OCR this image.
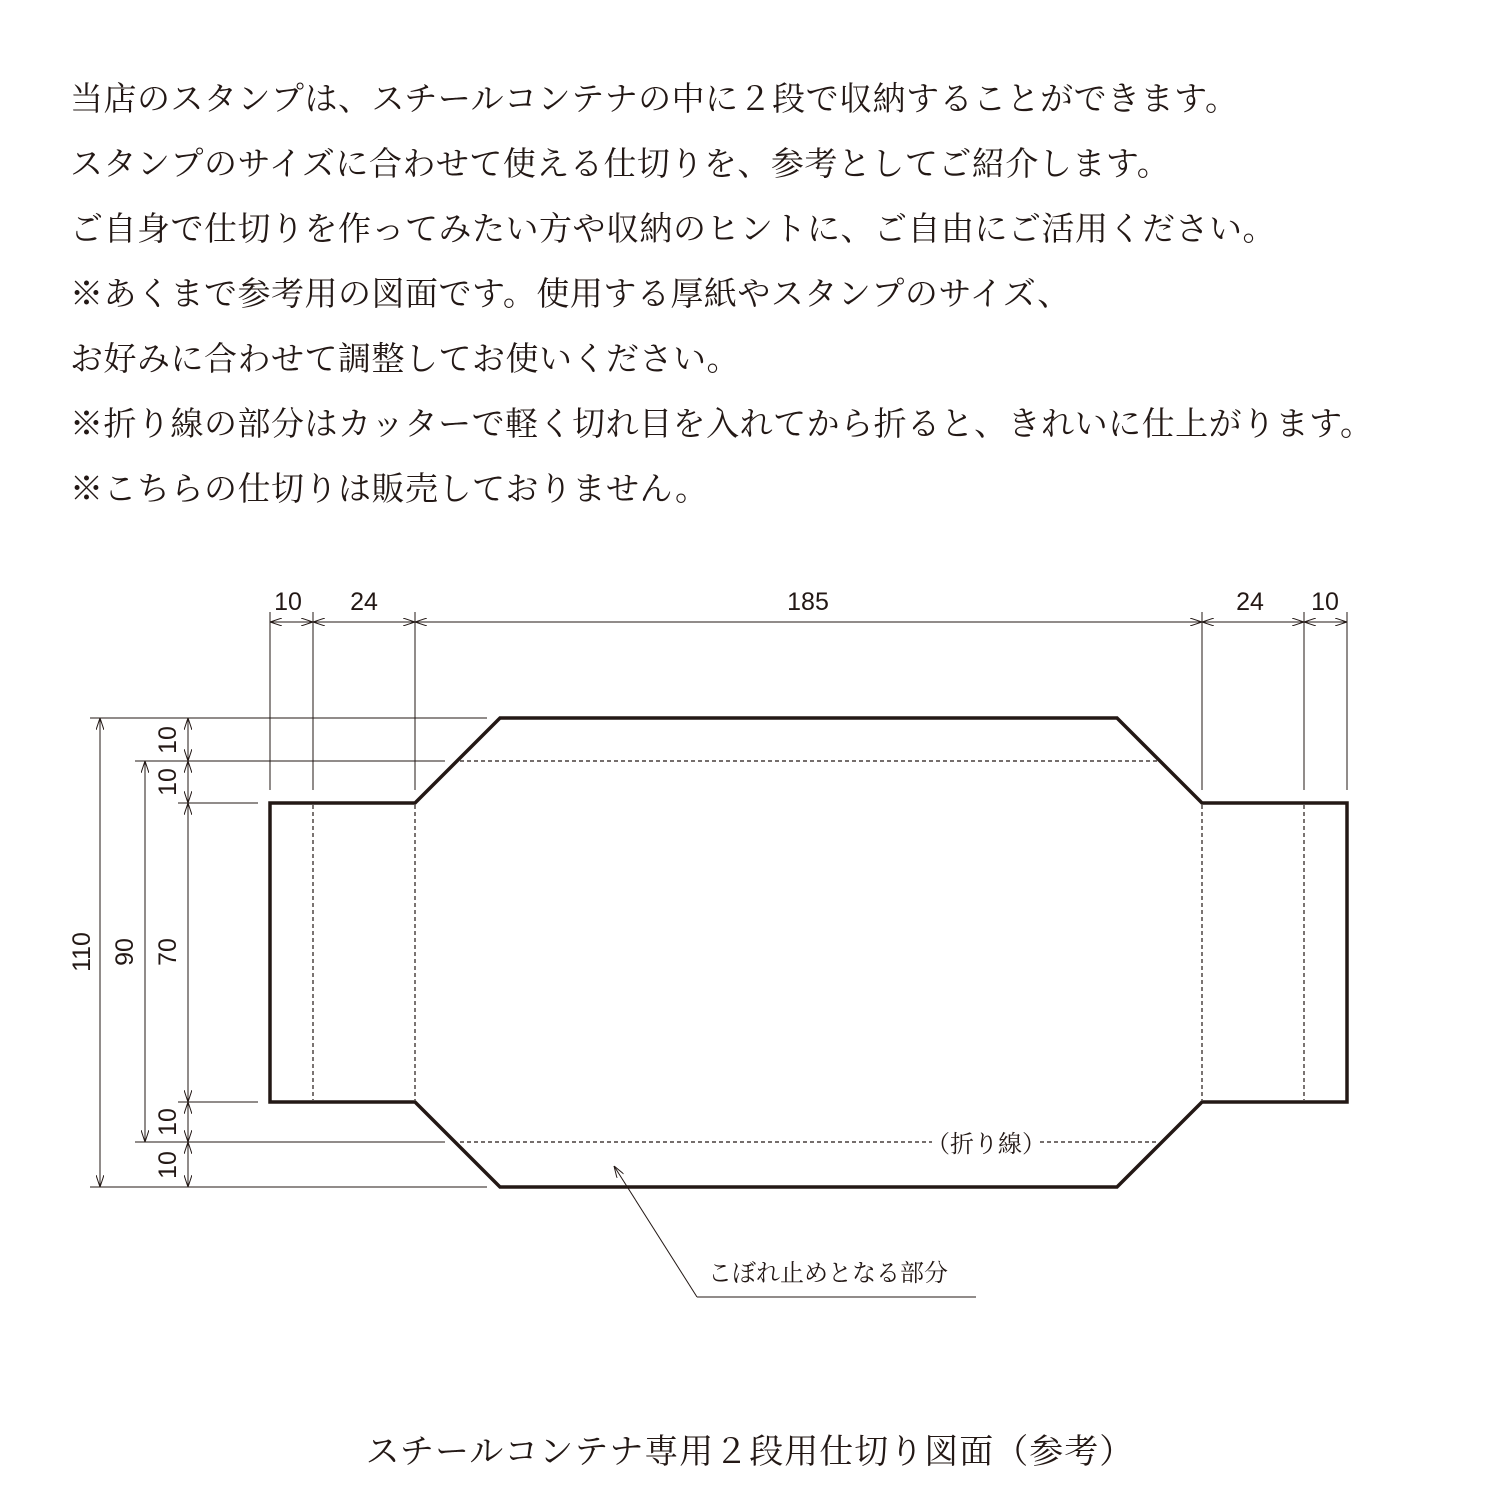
当店のスタンプは、スチールコンテナの中に２段で収納することができます。
スタンプのサイズに合わせて使える仕切りを、参考としてご紹介します。
ご自身で仕切りを作ってみたい方や収納のヒントに、ご自由にご活用ください。
※あくまで参考用の図面です。使用する厚紙やスタンプのサイズ、
お好みに合わせて調整してお使いください。
※折り線の部分はカッターで軽く切れ目を入れてから折ると、きれいに仕上がります。
※こちらの仕切りは販売しておりません。
10 24	185	24 10
110 90 70
10
10
10
10
（折り線）
こぼれ止めとなる部分
スチールコンテナ専用２段用仕切り図面（参考）
